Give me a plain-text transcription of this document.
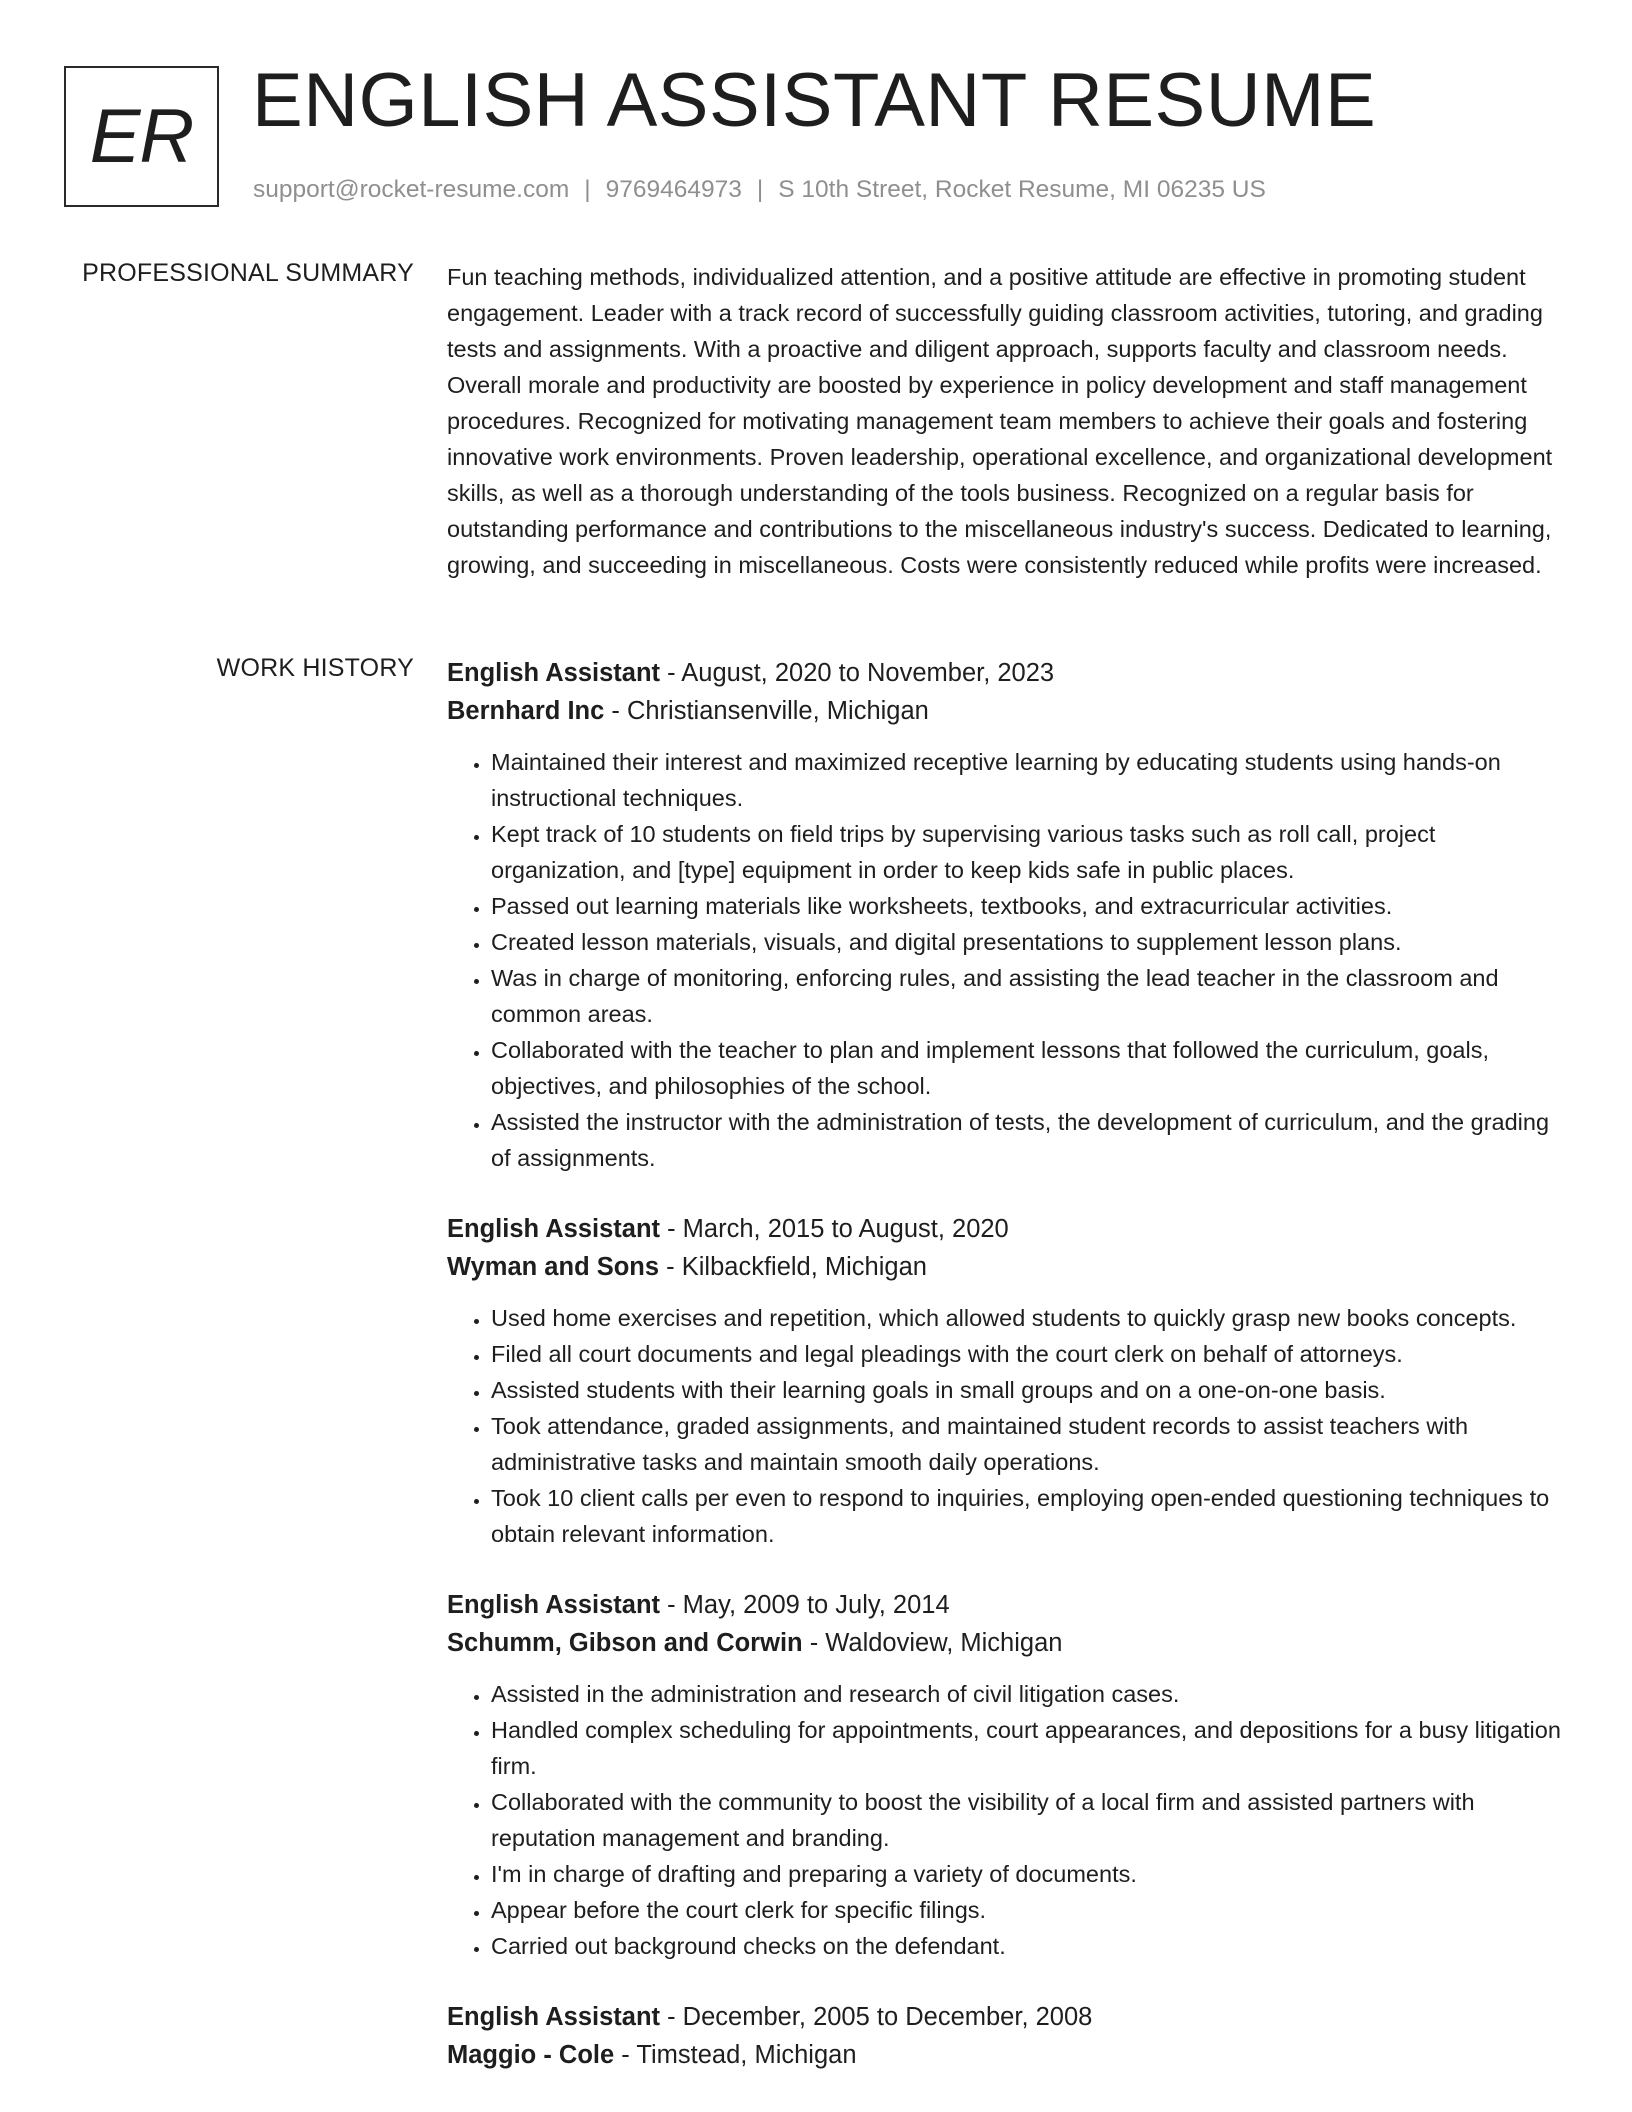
ER ENGLISH ASSISTANT RESUME
support@rocket-resume.com | 9769464973 | S 10th Street, Rocket Resume, MI 06235 US
PROFESSIONAL SUMMARY Fun teaching methods, individualized attention, and a positive attitude are effective in promoting student engagement. Leader with a track record of successfully guiding classroom activities, tutoring, and grading tests and assignments. With a proactive and diligent approach, supports faculty and classroom needs. Overall morale and productivity are boosted by experience in policy development and staff management procedures. Recognized for motivating management team members to achieve their goals and fostering innovative work environments. Proven leadership, operational excellence, and organizational development skills, as well as a thorough understanding of the tools business. Recognized on a regular basis for outstanding performance and contributions to the miscellaneous industry's success. Dedicated to learning, growing, and succeeding in miscellaneous. Costs were consistently reduced while profits were increased.

WORK HISTORY English Assistant - August, 2020 to November, 2023
Bernhard Inc - Christiansenville, Michigan
• Maintained their interest and maximized receptive learning by educating students using hands-on instructional techniques.
• Kept track of 10 students on field trips by supervising various tasks such as roll call, project organization, and [type] equipment in order to keep kids safe in public places.
• Passed out learning materials like worksheets, textbooks, and extracurricular activities.
• Created lesson materials, visuals, and digital presentations to supplement lesson plans.
• Was in charge of monitoring, enforcing rules, and assisting the lead teacher in the classroom and common areas.
• Collaborated with the teacher to plan and implement lessons that followed the curriculum, goals, objectives, and philosophies of the school.
• Assisted the instructor with the administration of tests, the development of curriculum, and the grading of assignments.
English Assistant - March, 2015 to August, 2020
Wyman and Sons - Kilbackfield, Michigan
• Used home exercises and repetition, which allowed students to quickly grasp new books concepts.
• Filed all court documents and legal pleadings with the court clerk on behalf of attorneys.
• Assisted students with their learning goals in small groups and on a one-on-one basis.
• Took attendance, graded assignments, and maintained student records to assist teachers with administrative tasks and maintain smooth daily operations.
• Took 10 client calls per even to respond to inquiries, employing open-ended questioning techniques to obtain relevant information.
English Assistant - May, 2009 to July, 2014
Schumm, Gibson and Corwin - Waldoview, Michigan
• Assisted in the administration and research of civil litigation cases.
• Handled complex scheduling for appointments, court appearances, and depositions for a busy litigation firm.
• Collaborated with the community to boost the visibility of a local firm and assisted partners with reputation management and branding.
• I'm in charge of drafting and preparing a variety of documents.
• Appear before the court clerk for specific filings.
• Carried out background checks on the defendant.
English Assistant - December, 2005 to December, 2008
Maggio - Cole - Timstead, Michigan
